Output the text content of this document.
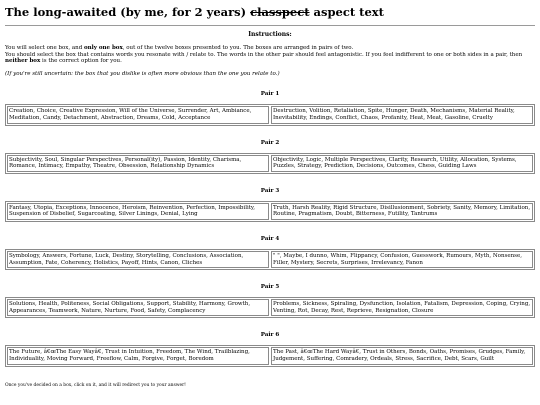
The long-awaited (by me, for 2 years) classpect aspect text
Instructions:

You will select one box, and only one box, out of the twelve boxes presented to you. The boxes are arranged in pairs of two.
You should select the box that contains words you resonate with / relate to. The words in the other pair should feel antagonistic. If you feel indifferent to one or both sides in a pair, then neither box is the correct option for you.

(If you're still uncertain: the box that you dislike is often more obvious than the one you relate to.)

Pair 1
Creation, Choice, Creative Expression, Will of the Universe, Surrender, Art, Ambiance, Meditation, Candy, Detachment, Abstraction, Dreams, Cold, Acceptance
Destruction, Volition, Retaliation, Spite, Hunger, Death, Mechanisms, Material Reality, Inevitability, Endings, Conflict, Chaos, Profanity, Heat, Meat, Gasoline, Cruelty
Pair 2
Subjectivity, Soul, Singular Perspectives, Personal(ity), Passion, Identity, Charisma, Romance, Intimacy, Empathy, Theatre, Obsession, Relationship Dynamics
Objectivity, Logic, Multiple Perspectives, Clarity, Research, Utility, Allocation, Systems, Puzzles, Strategy, Prediction, Decisions, Outcomes, Chess, Guiding Laws
Pair 3
Fantasy, Utopia, Exceptions, Innocence, Heroism, Reinvention, Perfection, Impossibility, Suspension of Disbelief, Sugarcoating, Silver Linings, Denial, Lying
Truth, Harsh Reality, Rigid Structure, Disillusionment, Sobriety, Sanity, Memory, Limitation, Routine, Pragmatism, Doubt, Bitterness, Futility, Tantrums
Pair 4
Symbology, Answers, Fortune, Luck, Destiny, Storytelling, Conclusions, Association, Assumption, Fate, Coherency, Holistics, Payoff, Hints, Canon, Cliches
" ", Maybe, I dunno, Whim, Flippancy, Confusion, Guesswork, Rumours, Myth, Nonsense, Filler, Mystery, Secrets, Surprises, Irrelevancy, Fanon
Pair 5
Solutions, Health, Politeness, Social Obligations, Support, Stability, Harmony, Growth, Appearances, Teamwork, Nature, Nurture, Food, Safety, Complacency
Problems, Sickness, Spiraling, Dysfunction, Isolation, Fatalism, Depression, Coping, Crying, Venting, Rot, Decay, Rest, Reprieve, Resignation, Closure
Pair 6
The Future, â€œThe Easy Wayâ€, Trust in Intuition, Freedom, The Wind, Trailblazing, Individuality, Moving Forward, Freeflow, Calm, Forgive, Forget, Boredom
The Past, â€œThe Hard Wayâ€, Trust in Others, Bonds, Oaths, Promises, Grudges, Family, Judgement, Suffering, Comradery, Ordeals, Stress, Sacrifice, Debt, Scars, Guilt

Once you've decided on a box, click on it, and it will redirect you to your answer!
